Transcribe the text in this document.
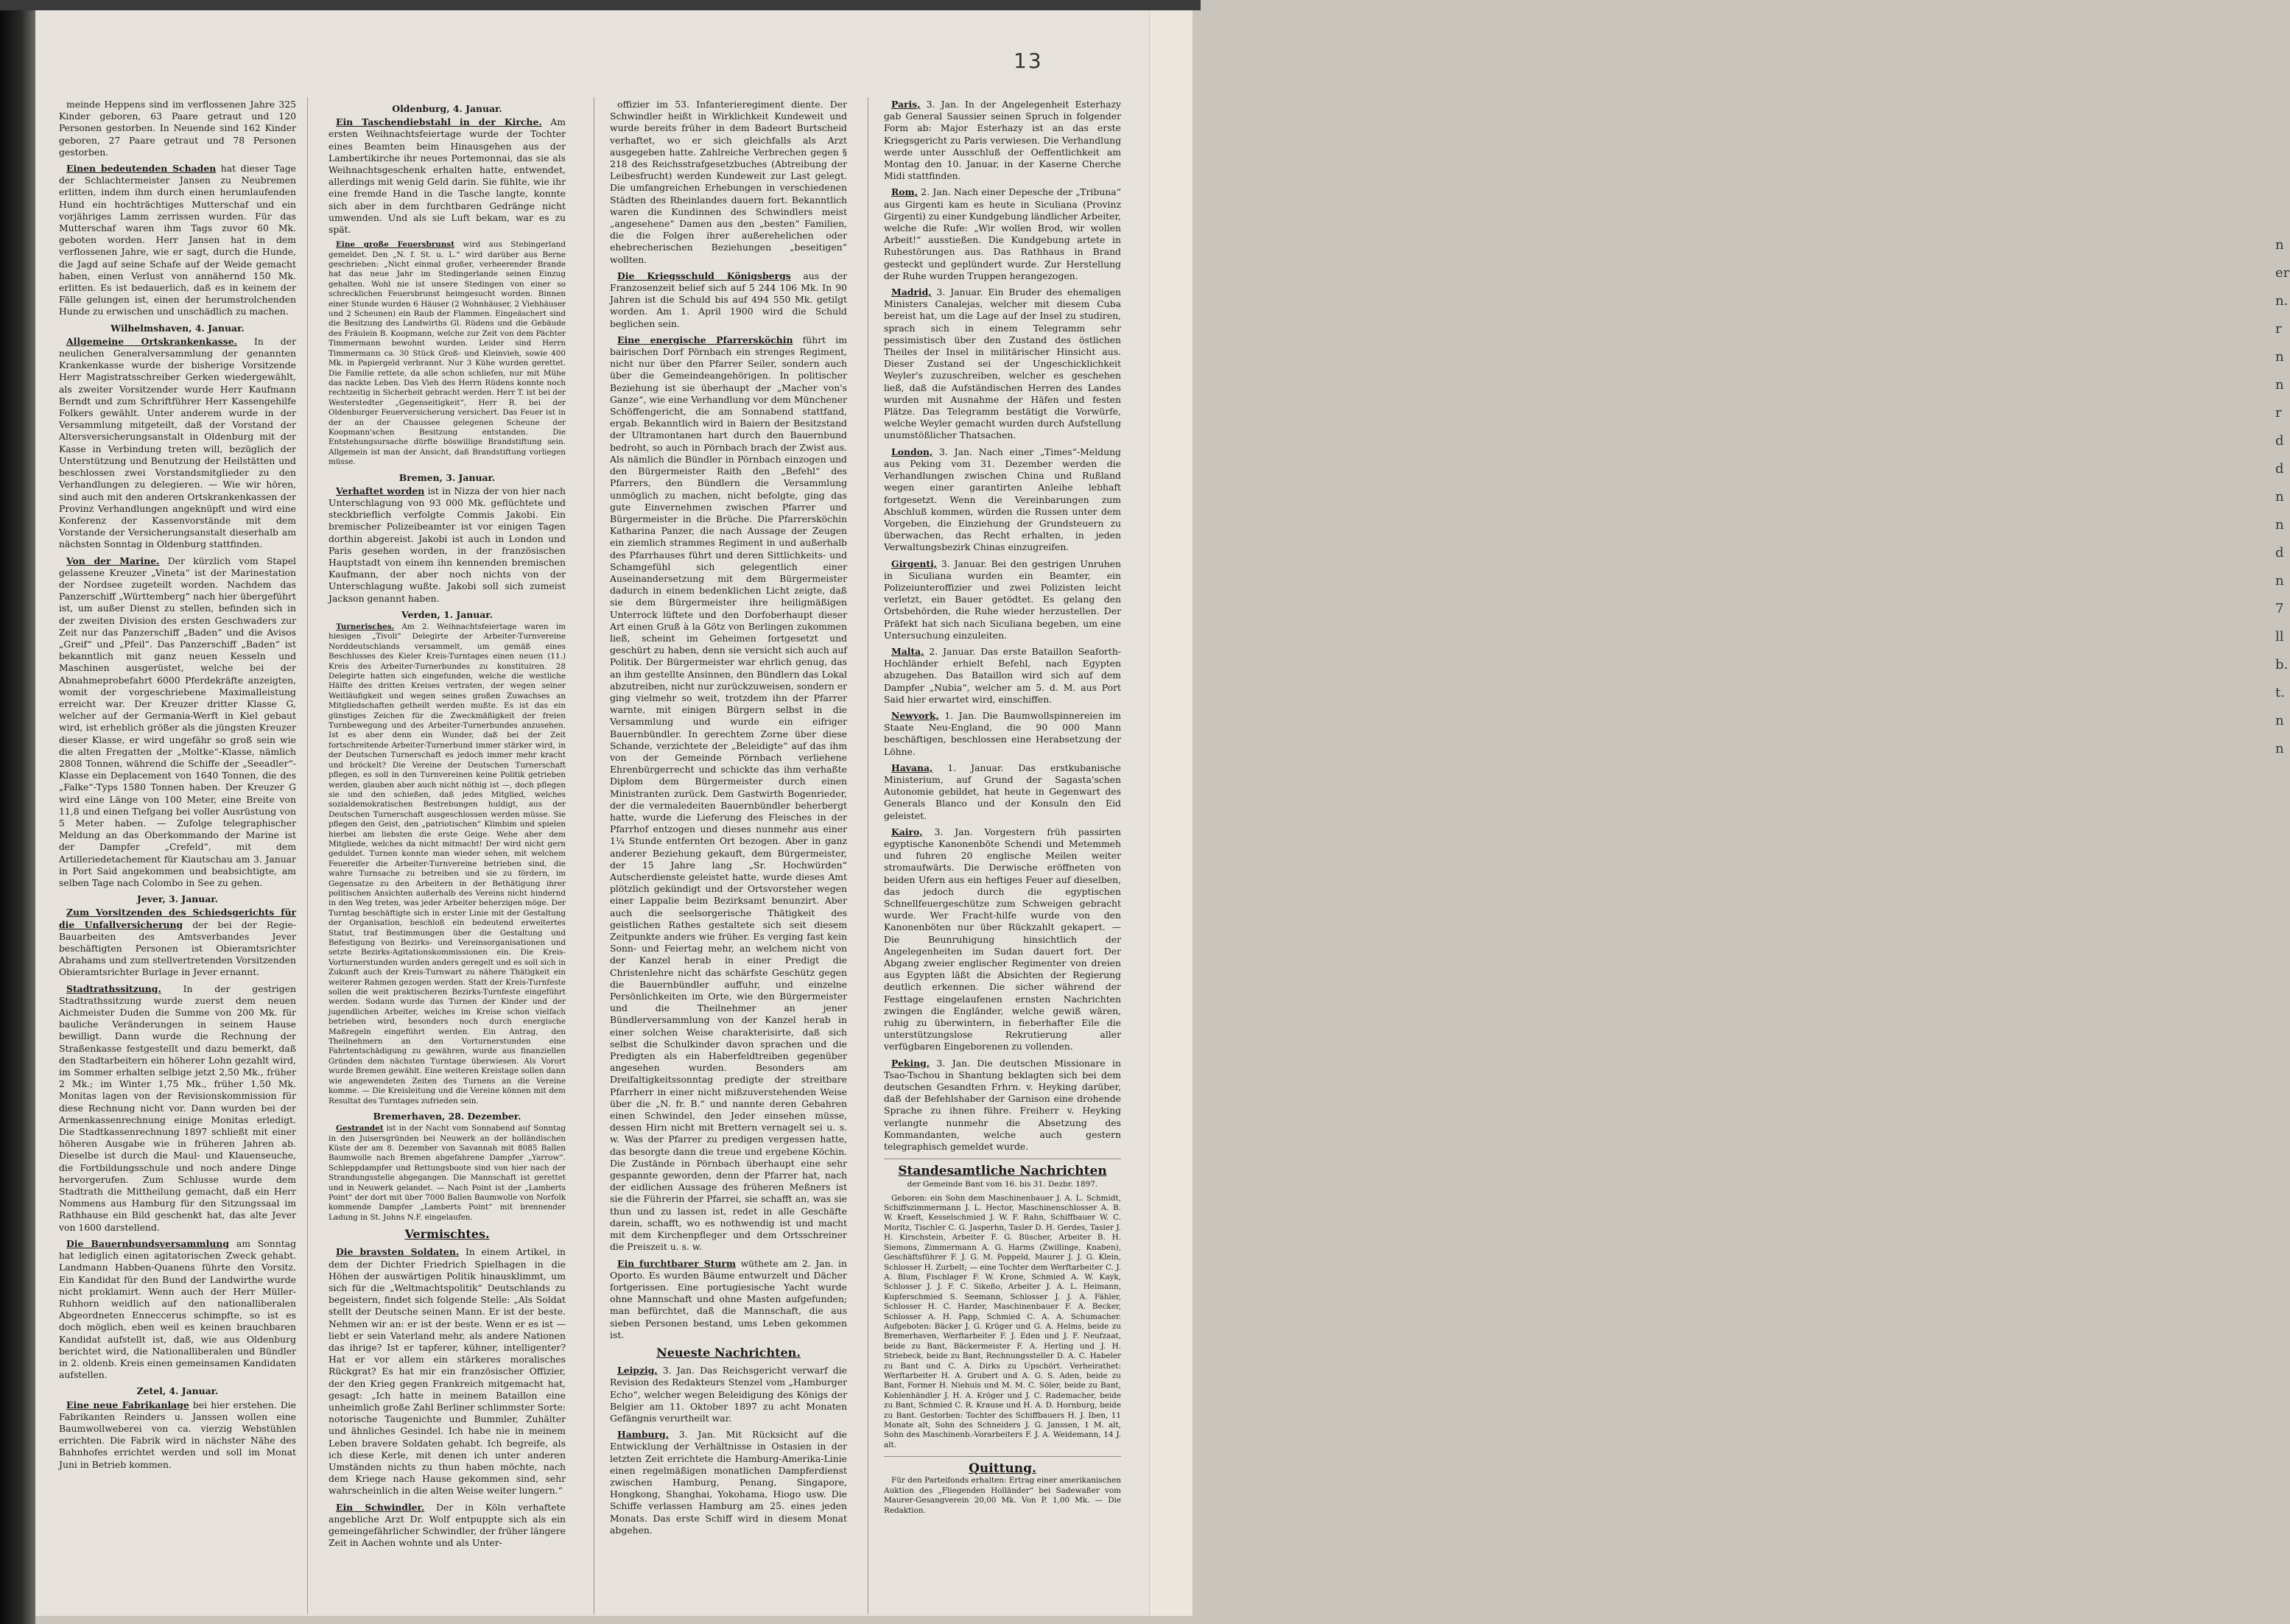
13

meinde Heppens sind im verflossenen Jahre 325 Kinder geboren, 63 Paare getraut und 120 Personen gestorben. In Neuende sind 162 Kinder geboren, 27 Paare getraut und 78 Personen gestorben.

Einen bedeutenden Schaden hat dieser Tage der Schlachtermeister Jansen zu Neubremen erlitten, indem ihm durch einen herumlaufenden Hund ein hochträchtiges Mutterschaf und ein vorjähriges Lamm zerrissen wurden. Für das Mutterschaf waren ihm Tags zuvor 60 Mk. geboten worden. Herr Jansen hat in dem verflossenen Jahre, wie er sagt, durch die Hunde, die Jagd auf seine Schafe auf der Weide gemacht haben, einen Verlust von annähernd 150 Mk. erlitten. Es ist bedauerlich, daß es in keinem der Fälle gelungen ist, einen der herumstrolchenden Hunde zu erwischen und unschädlich zu machen.

Wilhelmshaven, 4. Januar.

Allgemeine Ortskrankenkasse. In der neulichen Generalversammlung der genannten Krankenkasse wurde der bisherige Vorsitzende Herr Magistratsschreiber Gerken wiedergewählt, als zweiter Vorsitzender wurde Herr Kaufmann Berndt und zum Schriftführer Herr Kassengehilfe Folkers gewählt. Unter anderem wurde in der Versammlung mitgeteilt, daß der Vorstand der Altersversicherungsanstalt in Oldenburg mit der Kasse in Verbindung treten will, bezüglich der Unterstützung und Benutzung der Heilstätten und beschlossen zwei Vorstandsmitglieder zu den Verhandlungen zu delegieren. — Wie wir hören, sind auch mit den anderen Ortskrankenkassen der Provinz Verhandlungen angeknüpft und wird eine Konferenz der Kassenvorstände mit dem Vorstande der Versicherungsanstalt dieserhalb am nächsten Sonntag in Oldenburg stattfinden.

Von der Marine. Der kürzlich vom Stapel gelassene Kreuzer „Vineta“ ist der Marinestation der Nordsee zugeteilt worden. Nachdem das Panzerschiff „Württemberg“ nach hier übergeführt ist, um außer Dienst zu stellen, befinden sich in der zweiten Division des ersten Geschwaders zur Zeit nur das Panzerschiff „Baden“ und die Avisos „Greif“ und „Pfeil“. Das Panzerschiff „Baden“ ist bekanntlich mit ganz neuen Kesseln und Maschinen ausgerüstet, welche bei der Abnahmeprobefahrt 6000 Pferdekräfte anzeigten, womit der vorgeschriebene Maximalleistung erreicht war. Der Kreuzer dritter Klasse G, welcher auf der Germania-Werft in Kiel gebaut wird, ist erheblich größer als die jüngsten Kreuzer dieser Klasse, er wird ungefähr so groß sein wie die alten Fregatten der „Moltke“-Klasse, nämlich 2808 Tonnen, während die Schiffe der „Seeadler“-Klasse ein Deplacement von 1640 Tonnen, die des „Falke“-Typs 1580 Tonnen haben. Der Kreuzer G wird eine Länge von 100 Meter, eine Breite von 11,8 und einen Tiefgang bei voller Ausrüstung von 5 Meter haben. — Zufolge telegraphischer Meldung an das Oberkommando der Marine ist der Dampfer „Crefeld“, mit dem Artilleriedetachement für Kiautschau am 3. Januar in Port Said angekommen und beabsichtigte, am selben Tage nach Colombo in See zu gehen.

Jever, 3. Januar.

Zum Vorsitzenden des Schiedsgerichts für die Unfallversicherung der bei der Regie-Bauarbeiten des Amtsverbandes Jever beschäftigten Personen ist Obieramtsrichter Abrahams und zum stellvertretenden Vorsitzenden Obieramtsrichter Burlage in Jever ernannt.

Stadtrathssitzung. In der gestrigen Stadtrathssitzung wurde zuerst dem neuen Aichmeister Duden die Summe von 200 Mk. für bauliche Veränderungen in seinem Hause bewilligt. Dann wurde die Rechnung der Straßenkasse festgestellt und dazu bemerkt, daß den Stadtarbeitern ein höherer Lohn gezahlt wird, im Sommer erhalten selbige jetzt 2,50 Mk., früher 2 Mk.; im Winter 1,75 Mk., früher 1,50 Mk. Monitas lagen von der Revisionskommission für diese Rechnung nicht vor. Dann wurden bei der Armenkassenrechnung einige Monitas erledigt. Die Stadtkassenrechnung 1897 schließt mit einer höheren Ausgabe wie in früheren Jahren ab. Dieselbe ist durch die Maul- und Klauenseuche, die Fortbildungsschule und noch andere Dinge hervorgerufen. Zum Schlusse wurde dem Stadtrath die Mittheilung gemacht, daß ein Herr Nommens aus Hamburg für den Sitzungssaal im Rathhause ein Bild geschenkt hat, das alte Jever von 1600 darstellend.

Die Bauernbundsversammlung am Sonntag hat lediglich einen agitatorischen Zweck gehabt. Landmann Habben-Quanens führte den Vorsitz. Ein Kandidat für den Bund der Landwirthe wurde nicht proklamirt. Wenn auch der Herr Müller-Ruhhorn weidlich auf den nationalliberalen Abgeordneten Enneccerus schimpfte, so ist es doch möglich, eben weil es keinen brauchbaren Kandidat aufstellt ist, daß, wie aus Oldenburg berichtet wird, die Nationalliberalen und Bündler in 2. oldenb. Kreis einen gemeinsamen Kandidaten aufstellen.

Zetel, 4. Januar.

Eine neue Fabrikanlage bei hier erstehen. Die Fabrikanten Reinders u. Janssen wollen eine Baumwollweberei von ca. vierzig Webstühlen errichten. Die Fabrik wird in nächster Nähe des Bahnhofes errichtet werden und soll im Monat Juni in Betrieb kommen.

Oldenburg, 4. Januar.

Ein Taschendiebstahl in der Kirche. Am ersten Weihnachtsfeiertage wurde der Tochter eines Beamten beim Hinausgehen aus der Lambertikirche ihr neues Portemonnai, das sie als Weihnachtsgeschenk erhalten hatte, entwendet, allerdings mit wenig Geld darin. Sie fühlte, wie ihr eine fremde Hand in die Tasche langte, konnte sich aber in dem furchtbaren Gedränge nicht umwenden. Und als sie Luft bekam, war es zu spät.

Eine große Feuersbrunst wird aus Stebingerland gemeldet. Den „N. f. St. u. L.“ wird darüber aus Berne geschrieben: „Nicht einmal großer, verheerender Brande hat das neue Jahr im Stedingerlande seinen Einzug gehalten. Wohl nie ist unsere Stedingen von einer so schrecklichen Feuersbrunst heimgesucht worden. Binnen einer Stunde wurden 6 Häuser (2 Wohnhäuser, 2 Viehhäuser und 2 Scheunen) ein Raub der Flammen. Eingeäschert sind die Besitzung des Landwirths Gl. Rüdens und die Gebäude des Fräulein B. Koopmann, welche zur Zeit von dem Pächter Timmermann bewohnt wurden. Leider sind Herrn Timmermann ca. 30 Stück Groß- und Kleinvieh, sowie 400 Mk. in Papiergeld verbrannt. Nur 3 Kühe wurden gerettet. Die Familie rettete, da alle schon schliefen, nur mit Mühe das nackte Leben. Das Vieh des Herrn Rüdens konnte noch rechtzeitig in Sicherheit gebracht werden. Herr T. ist bei der Westerstedter „Gegenseitigkeit“, Herr R. bei der Oldenburger Feuerversicherung versichert. Das Feuer ist in der an der Chaussee gelegenen Scheune der Koopmann'schen Besitzung entstanden. Die Entstehungsursache dürfte böswillige Brandstiftung sein. Allgemein ist man der Ansicht, daß Brandstiftung vorliegen müsse.

Bremen, 3. Januar.

Verhaftet worden ist in Nizza der von hier nach Unterschlagung von 93 000 Mk. geflüchtete und steckbrieflich verfolgte Commis Jakobi. Ein bremischer Polizeibeamter ist vor einigen Tagen dorthin abgereist. Jakobi ist auch in London und Paris gesehen worden, in der französischen Hauptstadt von einem ihn kennenden bremischen Kaufmann, der aber noch nichts von der Unterschlagung wußte. Jakobi soll sich zumeist Jackson genannt haben.

Verden, 1. Januar.

Turnerisches. Am 2. Weihnachtsfeiertage waren im hiesigen „Tivoli“ Delegirte der Arbeiter-Turnvereine Norddeutschlands versammelt, um gemäß eines Beschlusses des Kieler Kreis-Turntages einen neuen (11.) Kreis des Arbeiter-Turnerbundes zu konstituiren. 28 Delegirte hatten sich eingefunden, welche die westliche Hälfte des dritten Kreises vertraten, der wegen seiner Weitläufigkeit und wegen seines großen Zuwachses an Mitgliedschaften getheilt werden mußte. Es ist das ein günstiges Zeichen für die Zweckmäßigkeit der freien Turnbewegung und des Arbeiter-Turnerbundes anzusehen. Ist es aber denn ein Wunder, daß bei der Zeit fortschreitende Arbeiter-Turnerbund immer stärker wird, in der Deutschen Turnerschaft es jedoch immer mehr kracht und bröckelt? Die Vereine der Deutschen Turnerschaft pflegen, es soll in den Turnvereinen keine Politik getrieben werden, glauben aber auch nicht nöthig ist —, doch pflegen sie und den schießen, daß jedes Mitglied, welches sozialdemokratischen Bestrebungen huldigt, aus der Deutschen Turnerschaft ausgeschlossen werden müsse. Sie pflegen den Geist, den „patriotischen“ Klimbim und spielen hierbei am liebsten die erste Geige. Wehe aber dem Mitgliede, welches da nicht mitmacht! Der wird nicht gern geduldet. Turnen konnte man wieder sehen, mit welchem Feuereifer die Arbeiter-Turnvereine betrieben sind, die wahre Turnsache zu betreiben und sie zu fördern, im Gegensatze zu den Arbeitern in der Bethätigung ihrer politischen Ansichten außerhalb des Vereins nicht hindernd in den Weg treten, was jeder Arbeiter beherzigen möge. Der Turntag beschäftigte sich in erster Linie mit der Gestaltung der Organisation, beschloß ein bedeutend erweitertes Statut, traf Bestimmungen über die Gestaltung und Befestigung von Bezirks- und Vereinsorganisationen und setzte Bezirks-Agitationskommissionen ein. Die Kreis-Vorturnerstunden wurden anders geregelt und es soll sich in Zukunft auch der Kreis-Turnwart zu nähere Thätigkeit ein weiterer Rahmen gezogen werden. Statt der Kreis-Turnfeste sollen die weit praktischeren Bezirks-Turnfeste eingeführt werden. Sodann wurde das Turnen der Kinder und der jugendlichen Arbeiter, welches im Kreise schon vielfach betrieben wird, besonders noch durch energische Maßregeln eingeführt werden. Ein Antrag, den Theilnehmern an den Vorturnerstunden eine Fahrtentschädigung zu gewähren, wurde aus finanziellen Gründen dem nächsten Turntage überwiesen. Als Vorort wurde Bremen gewählt. Eine weiteren Kreistage sollen dann wie angewendeten Zeiten des Turnens an die Vereine komme. — Die Kreisleitung und die Vereine können mit dem Resultat des Turntages zufrieden sein.

Bremerhaven, 28. Dezember.

Gestrandet ist in der Nacht vom Sonnabend auf Sonntag in den Juisersgründen bei Neuwerk an der holländischen Küste der am 8. Dezember von Savannah mit 8085 Ballen Baumwolle nach Bremen abgefahrene Dampfer „Yarrow“. Schleppdampfer und Rettungsboote sind von hier nach der Strandungsstelle abgegangen. Die Mannschaft ist gerettet und in Neuwerk gelandet. — Nach Point ist der „Lamberts Point“ der dort mit über 7000 Ballen Baumwolle von Norfolk kommende Dampfer „Lamberts Point“ mit brennender Ladung in St. Johns N.F. eingelaufen.

Vermischtes.

Die bravsten Soldaten. In einem Artikel, in dem der Dichter Friedrich Spielhagen in die Höhen der auswärtigen Politik hinausklimmt, um sich für die „Weltmachtspolitik“ Deutschlands zu begeistern, findet sich folgende Stelle: „Als Soldat stellt der Deutsche seinen Mann. Er ist der beste. Nehmen wir an: er ist der beste. Wenn er es ist — liebt er sein Vaterland mehr, als andere Nationen das ihrige? Ist er tapferer, kühner, intelligenter? Hat er vor allem ein stärkeres moralisches Rückgrat? Es hat mir ein französischer Offizier, der den Krieg gegen Frankreich mitgemacht hat, gesagt: „Ich hatte in meinem Bataillon eine unheimlich große Zahl Berliner schlimmster Sorte: notorische Taugenichte und Bummler, Zuhälter und ähnliches Gesindel. Ich habe nie in meinem Leben bravere Soldaten gehabt. Ich begreife, als ich diese Kerle, mit denen ich unter anderen Umständen nichts zu thun haben möchte, nach dem Kriege nach Hause gekommen sind, sehr wahrscheinlich in die alten Weise weiter lungern.“

Ein Schwindler. Der in Köln verhaftete angebliche Arzt Dr. Wolf entpuppte sich als ein gemeingefährlicher Schwindler, der früher längere Zeit in Aachen wohnte und als Unter-

offizier im 53. Infanterieregiment diente. Der Schwindler heißt in Wirklichkeit Kundeweit und wurde bereits früher in dem Badeort Burtscheid verhaftet, wo er sich gleichfalls als Arzt ausgegeben hatte. Zahlreiche Verbrechen gegen § 218 des Reichsstrafgesetzbuches (Abtreibung der Leibesfrucht) werden Kundeweit zur Last gelegt. Die umfangreichen Erhebungen in verschiedenen Städten des Rheinlandes dauern fort. Bekanntlich waren die Kundinnen des Schwindlers meist „angesehene“ Damen aus den „besten“ Familien, die die Folgen ihrer außerehelichen oder ehebrecherischen Beziehungen „beseitigen“ wollten.

Die Kriegsschuld Königsbergs aus der Franzosenzeit belief sich auf 5 244 106 Mk. In 90 Jahren ist die Schuld bis auf 494 550 Mk. getilgt worden. Am 1. April 1900 wird die Schuld beglichen sein.

Eine energische Pfarrersköchin führt im bairischen Dorf Pörnbach ein strenges Regiment, nicht nur über den Pfarrer Seiler, sondern auch über die Gemeindeangehörigen. In politischer Beziehung ist sie überhaupt der „Macher von's Ganze“, wie eine Verhandlung vor dem Münchener Schöffengericht, die am Sonnabend stattfand, ergab. Bekanntlich wird in Baiern der Besitzstand der Ultramontanen hart durch den Bauernbund bedroht, so auch in Pörnbach brach der Zwist aus. Als nämlich die Bündler in Pörnbach einzogen und den Bürgermeister Raith den „Befehl“ des Pfarrers, den Bündlern die Versammlung unmöglich zu machen, nicht befolgte, ging das gute Einvernehmen zwischen Pfarrer und Bürgermeister in die Brüche. Die Pfarrersköchin Katharina Panzer, die nach Aussage der Zeugen ein ziemlich strammes Regiment in und außerhalb des Pfarrhauses führt und deren Sittlichkeits- und Schamgefühl sich gelegentlich einer Auseinandersetzung mit dem Bürgermeister dadurch in einem bedenklichen Licht zeigte, daß sie dem Bürgermeister ihre heiligmäßigen Unterrock lüftete und den Dorfoberhaupt dieser Art einen Gruß à la Götz von Berlingen zukommen ließ, scheint im Geheimen fortgesetzt und geschürt zu haben, denn sie versicht sich auch auf Politik. Der Bürgermeister war ehrlich genug, das an ihm gestellte Ansinnen, den Bündlern das Lokal abzutreiben, nicht nur zurückzuweisen, sondern er ging vielmehr so weit, trotzdem ihn der Pfarrer warnte, mit einigen Bürgern selbst in die Versammlung und wurde ein eifriger Bauernbündler. In gerechtem Zorne über diese Schande, verzichtete der „Beleidigte“ auf das ihm von der Gemeinde Pörnbach verliehene Ehrenbürgerrecht und schickte das ihm verhaßte Diplom dem Bürgermeister durch einen Ministranten zurück. Dem Gastwirth Bogenrieder, der die vermaledeiten Bauernbündler beherbergt hatte, wurde die Lieferung des Fleisches in der Pfarrhof entzogen und dieses nunmehr aus einer 1¼ Stunde entfernten Ort bezogen. Aber in ganz anderer Beziehung gekauft, dem Bürgermeister, der 15 Jahre lang „Sr. Hochwürden“ Autscherdienste geleistet hatte, wurde dieses Amt plötzlich gekündigt und der Ortsvorsteher wegen einer Lappalie beim Bezirksamt benunzirt. Aber auch die seelsorgerische Thätigkeit des geistlichen Rathes gestaltete sich seit diesem Zeitpunkte anders wie früher. Es verging fast kein Sonn- und Feiertag mehr, an welchem nicht von der Kanzel herab in einer Predigt die Christenlehre nicht das schärfste Geschütz gegen die Bauernbündler auffuhr, und einzelne Persönlichkeiten im Orte, wie den Bürgermeister und die Theilnehmer an jener Bündlerversammlung von der Kanzel herab in einer solchen Weise charakterisirte, daß sich selbst die Schulkinder davon sprachen und die Predigten als ein Haberfeldtreiben gegenüber angesehen wurden. Besonders am Dreifaltigkeitssonntag predigte der streitbare Pfarrherr in einer nicht mißzuverstehenden Weise über die „N. fr. B.“ und nannte deren Gebahren einen Schwindel, den Jeder einsehen müsse, dessen Hirn nicht mit Brettern vernagelt sei u. s. w. Was der Pfarrer zu predigen vergessen hatte, das besorgte dann die treue und ergebene Köchin. Die Zustände in Pörnbach überhaupt eine sehr gespannte geworden, denn der Pfarrer hat, nach der eidlichen Aussage des früheren Meßners ist sie die Führerin der Pfarrei, sie schafft an, was sie thun und zu lassen ist, redet in alle Geschäfte darein, schafft, wo es nothwendig ist und macht mit dem Kirchenpfleger und dem Ortsschreiner die Preiszeit u. s. w.

Ein furchtbarer Sturm wüthete am 2. Jan. in Oporto. Es wurden Bäume entwurzelt und Dächer fortgerissen. Eine portugiesische Yacht wurde ohne Mannschaft und ohne Masten aufgefunden; man befürchtet, daß die Mannschaft, die aus sieben Personen bestand, ums Leben gekommen ist.

Neueste Nachrichten.

Leipzig, 3. Jan. Das Reichsgericht verwarf die Revision des Redakteurs Stenzel vom „Hamburger Echo“, welcher wegen Beleidigung des Königs der Belgier am 11. Oktober 1897 zu acht Monaten Gefängnis verurtheilt war.

Hamburg, 3. Jan. Mit Rücksicht auf die Entwicklung der Verhältnisse in Ostasien in der letzten Zeit errichtete die Hamburg-Amerika-Linie einen regelmäßigen monatlichen Dampferdienst zwischen Hamburg, Penang, Singapore, Hongkong, Shanghai, Yokohama, Hiogo usw. Die Schiffe verlassen Hamburg am 25. eines jeden Monats. Das erste Schiff wird in diesem Monat abgehen.

Paris, 3. Jan. In der Angelegenheit Esterhazy gab General Saussier seinen Spruch in folgender Form ab: Major Esterhazy ist an das erste Kriegsgericht zu Paris verwiesen. Die Verhandlung werde unter Ausschluß der Oeffentlichkeit am Montag den 10. Januar, in der Kaserne Cherche Midi stattfinden.

Rom, 2. Jan. Nach einer Depesche der „Tribuna“ aus Girgenti kam es heute in Siculiana (Provinz Girgenti) zu einer Kundgebung ländlicher Arbeiter, welche die Rufe: „Wir wollen Brod, wir wollen Arbeit!“ ausstießen. Die Kundgebung artete in Ruhestörungen aus. Das Rathhaus in Brand gesteckt und geplündert wurde. Zur Herstellung der Ruhe wurden Truppen herangezogen.

Madrid, 3. Januar. Ein Bruder des ehemaligen Ministers Canalejas, welcher mit diesem Cuba bereist hat, um die Lage auf der Insel zu studiren, sprach sich in einem Telegramm sehr pessimistisch über den Zustand des östlichen Theiles der Insel in militärischer Hinsicht aus. Dieser Zustand sei der Ungeschicklichkeit Weyler's zuzuschreiben, welcher es geschehen ließ, daß die Aufständischen Herren des Landes wurden mit Ausnahme der Häfen und festen Plätze. Das Telegramm bestätigt die Vorwürfe, welche Weyler gemacht wurden durch Aufstellung unumstößlicher Thatsachen.

London, 3. Jan. Nach einer „Times“-Meldung aus Peking vom 31. Dezember werden die Verhandlungen zwischen China und Rußland wegen einer garantirten Anleihe lebhaft fortgesetzt. Wenn die Vereinbarungen zum Abschluß kommen, würden die Russen unter dem Vorgeben, die Einziehung der Grundsteuern zu überwachen, das Recht erhalten, in jeden Verwaltungsbezirk Chinas einzugreifen.

Girgenti, 3. Januar. Bei den gestrigen Unruhen in Siculiana wurden ein Beamter, ein Polizeiunteroffizier und zwei Polizisten leicht verletzt, ein Bauer getödtet. Es gelang den Ortsbehörden, die Ruhe wieder herzustellen. Der Präfekt hat sich nach Siculiana begeben, um eine Untersuchung einzuleiten.

Malta, 2. Januar. Das erste Bataillon Seaforth-Hochländer erhielt Befehl, nach Egypten abzugehen. Das Bataillon wird sich auf dem Dampfer „Nubia“, welcher am 5. d. M. aus Port Said hier erwartet wird, einschiffen.

Newyork, 1. Jan. Die Baumwollspinnereien im Staate Neu-England, die 90 000 Mann beschäftigen, beschlossen eine Herabsetzung der Löhne.

Havana, 1. Januar. Das erstkubanische Ministerium, auf Grund der Sagasta'schen Autonomie gebildet, hat heute in Gegenwart des Generals Blanco und der Konsuln den Eid geleistet.

Kairo, 3. Jan. Vorgestern früh passirten egyptische Kanonenböte Schendi und Metemmeh und fuhren 20 englische Meilen weiter stromaufwärts. Die Derwische eröffneten von beiden Ufern aus ein heftiges Feuer auf dieselben, das jedoch durch die egyptischen Schnellfeuergeschütze zum Schweigen gebracht wurde. Wer Fracht-hilfe wurde von den Kanonenböten nur über Rückzahlt gekapert. — Die Beunruhigung hinsichtlich der Angelegenheiten im Sudan dauert fort. Der Abgang zweier englischer Regimenter von dreien aus Egypten läßt die Absichten der Regierung deutlich erkennen. Die sicher während der Festtage eingelaufenen ernsten Nachrichten zwingen die Engländer, welche gewiß wären, ruhig zu überwintern, in fieberhafter Eile die unterstützungslose Rekrutierung aller verfügbaren Eingeborenen zu vollenden.

Peking, 3. Jan. Die deutschen Missionare in Tsao-Tschou in Shantung beklagten sich bei dem deutschen Gesandten Frhrn. v. Heyking darüber, daß der Befehlshaber der Garnison eine drohende Sprache zu ihnen führe. Freiherr v. Heyking verlangte nunmehr die Absetzung des Kommandanten, welche auch gestern telegraphisch gemeldet wurde.

Standesamtliche Nachrichten
der Gemeinde Bant vom 16. bis 31. Dezbr. 1897.

Geboren: ein Sohn dem Maschinenbauer J. A. L. Schmidt, Schiffszimmermann J. L. Hector, Maschinenschlosser A. B. W. Kraeft, Kesselschmied J. W. F. Rahn, Schiffbauer W. C. Moritz, Tischler C. G. Jasperhn, Tasler D. H. Gerdes, Tasler J. H. Kirschstein, Arbeiter F. G. Büscher, Arbeiter B. H. Siemons, Zimmermann A. G. Harms (Zwillinge, Knaben), Geschäftsführer F. J. G. M. Poppeld, Maurer J. J. G. Klein, Schlosser H. Zurbelt; — eine Tochter dem Werftarbeiter C. J. A. Blum, Fischlager F. W. Krone, Schmied A. W. Kayk, Schlosser J. J. F. C. Sikeßo, Arbeiter J. A. L. Heimann, Kupferschmied S. Seemann, Schlosser J. J. A. Fähler, Schlosser H. C. Harder, Maschinenbauer F. A. Becker, Schlosser A. H. Papp, Schmied C. A. A. Schumacher. Aufgeboten: Bäcker J. G. Krüger und G. A. Helms, beide zu Bremerhaven, Werftarbeiter F. J. Eden und J. F. Neufzaat, beide zu Bant, Bäckermeister F. A. Herling und J. H. Striebeck, beide zu Bant, Rechnungssteller D. A. C. Habeler zu Bant und C. A. Dirks zu Upschört. Verheirathet: Werftarbeiter H. A. Grubert und A. G. S. Aden, beide zu Bant, Former H. Niehuis und M. M. C. Söler, beide zu Bant, Kohlenhändler J. H. A. Kröger und J. C. Rademacher, beide zu Bant, Schmied C. R. Krause und H. A. D. Hornburg, beide zu Bant. Gestorben: Tochter des Schiffbauers H. J. Iben, 11 Monate alt, Sohn des Schneiders J. G. Janssen, 1 M. alt, Sohn des Maschinenb.-Vorarbeiters F. J. A. Weidemann, 14 J. alt.

Quittung.

Für den Parteifonds erhalten: Ertrag einer amerikanischen Auktion des „Fliegenden Holländer“ bei Sadewaßer vom Maurer-Gesangverein 20,00 Mk. Von P. 1,00 Mk. — Die Redaktion.

n
er
n.
r
n
n
r
d
d
n
n
d
n
7
ll
b.
t.
n
n
